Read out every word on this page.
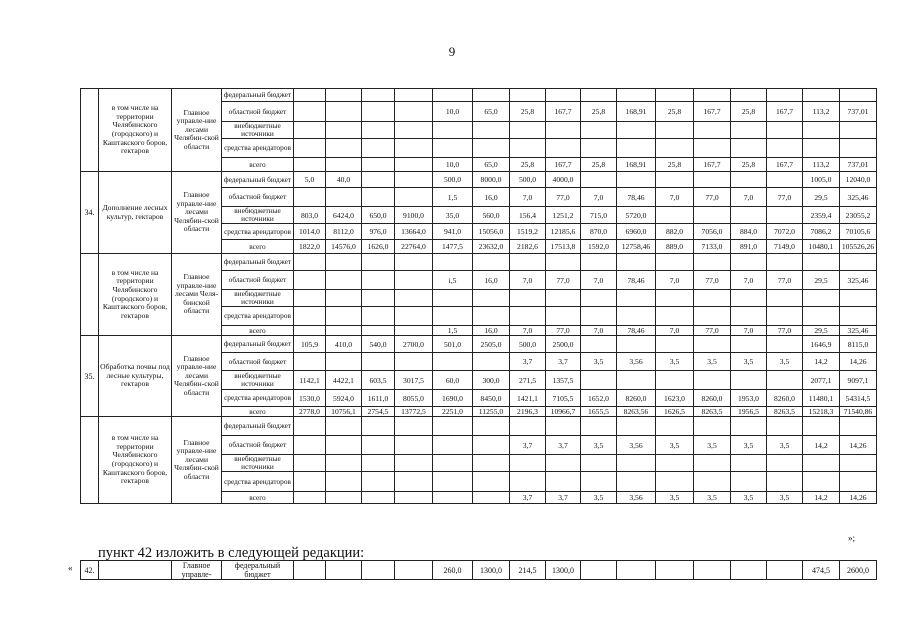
9
	в том числе на территории Челябинского (городского) и Каштакского боров, гектаров	Главное управле-ние лесами Челябин-ской области	федеральный бюджет																
			областной бюджет					10,0	65,0	25,8	167,7	25,8	168,91	25,8	167,7	25,8	167,7	113,2	737,01
			внебюджетные источники																
			средства арендаторов																
			всего					10,0	65,0	25,8	167,7	25,8	168,91	25,8	167,7	25,8	167,7	113,2	737,01
34.	Дополнение лесных культур, гектаров	Главное управле-ние лесами Челябин-ской области	федеральный бюджет	5,0	40,0			500,0	8000,0	500,0	4000,0							1005,0	12040,0
			областной бюджет					1,5	16,0	7,0	77,0	7,0	78,46	7,0	77,0	7,0	77,0	29,5	325,46
			внебюджетные источники	803,0	6424,0	650,0	9100,0	35,0	560,0	156,4	1251,2	715,0	5720,0					2359,4	23055,2
			средства арендаторов	1014,0	8112,0	976,0	13664,0	941,0	15056,0	1519,2	12185,6	870,0	6960,0	882,0	7056,0	884,0	7072,0	7086,2	70105,6
			всего	1822,0	14576,0	1626,0	22764,0	1477,5	23632,0	2182,6	17513,8	1592,0	12758,46	889,0	7133,0	891,0	7149,0	10480,1	105526,26
	в том числе на территории Челябинского (городского) и Каштакского боров, гектаров	Главное управле-ние лесами Челя-бинской области	федеральный бюджет																
			областной бюджет					i,5	16,0	7,0	77,0	7,0	78,46	7,0	77,0	7,0	77,0	29,5	325,46
			внебюджетные источники																
			средства арендаторов																
			всего					1,5	16,0	7,0	77,0	7,0	78,46	7,0	77,0	7,0	77,0	29,5	325,46
35.	Обработка почвы под лесные культуры, гектаров	Главное управле-ние лесами Челябин-ской области	федеральный бюджет	105,9	410,0	540,0	2700,0	501,0	2505,0	500,0	2500,0							1646,9	8115,0
			областной бюджет							3,7	3,7	3,5	3,56	3,5	3,5	3,5	3,5	14,2	14,26
			внебюджетные источники	1142,1	4422,1	603,5	3017,5	60,0	300,0	271,5	1357,5							2077,1	9097,1
			средства арендаторов	1530,0	5924,0	1611,0	8055,0	1690,0	8450,0	1421,1	7105,5	1652,0	8260,0	1623,0	8260,0	1953,0	8260,0	11480,1	54314,5
			всего	2778,0	10756,1	2754,5	13772,5	2251,0	11255,0	2196,3	10966,7	1655,5	8263,56	1626,5	8263,5	1956,5	8263,5	15218,3	71540,86
	в том числе на территории Челябинского (городского) и Каштакского боров, гектаров	Главное управле-ние лесами Челябин-ской области	федеральный бюджет																
			областной бюджет							3,7	3,7	3,5	3,56	3,5	3,5	3,5	3,5	14,2	14,26
			внебюджетные источники																
			средства арендаторов																
			всего							3,7	3,7	3,5	3,56	3,5	3,5	3,5	3,5	14,2	14,26
»;
пункт 42 изложить в следующей редакции:
« 42.		Главное управле-	федеральный бюджет					260,0	1300,0	214,5	1300,0							474,5	2600,0
